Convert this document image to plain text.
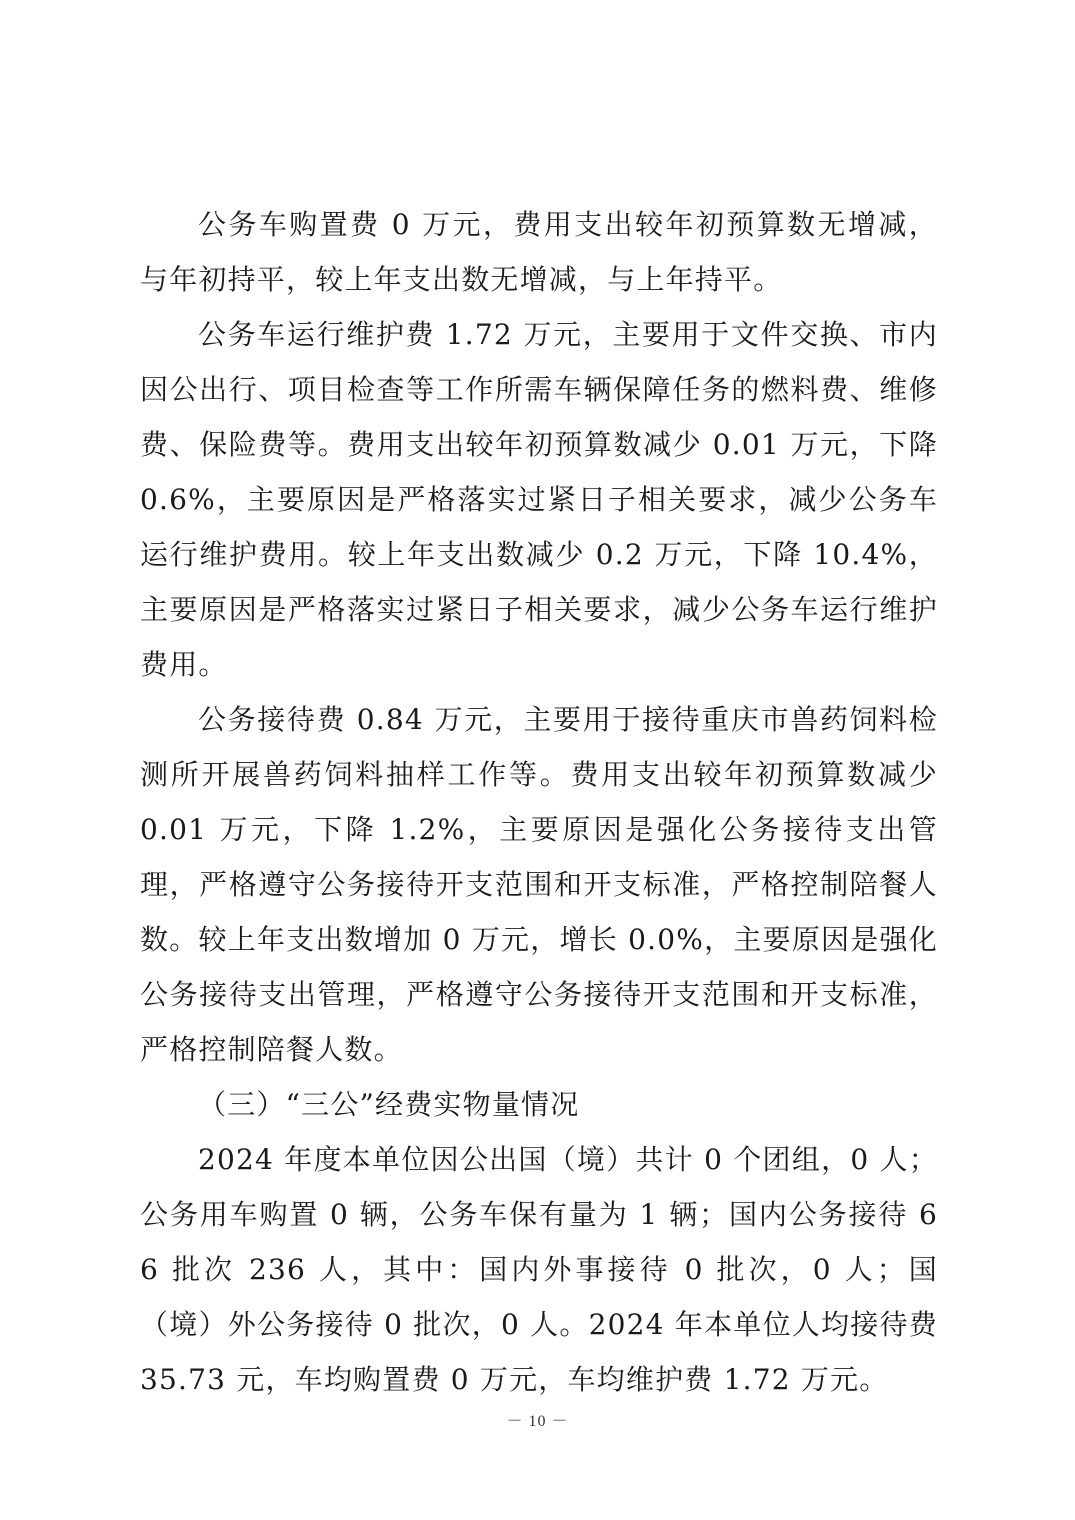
公务车购置费 0 万元，费用支出较年初预算数无增减，与年初持平，较上年支出数无增减，与上年持平。

公务车运行维护费 1.72 万元，主要用于文件交换、市内因公出行、项目检查等工作所需车辆保障任务的燃料费、维修费、保险费等。费用支出较年初预算数减少 0.01 万元，下降 0.6%，主要原因是严格落实过紧日子相关要求，减少公务车运行维护费用。较上年支出数减少 0.2 万元，下降 10.4%，主要原因是严格落实过紧日子相关要求，减少公务车运行维护费用。

公务接待费 0.84 万元，主要用于接待重庆市兽药饲料检测所开展兽药饲料抽样工作等。费用支出较年初预算数减少 0.01 万元，下降 1.2%，主要原因是强化公务接待支出管理，严格遵守公务接待开支范围和开支标准，严格控制陪餐人数。较上年支出数增加 0 万元，增长 0.0%，主要原因是强化公务接待支出管理，严格遵守公务接待开支范围和开支标准，严格控制陪餐人数。

（三）“三公”经费实物量情况

2024 年度本单位因公出国（境）共计 0 个团组，0 人；公务用车购置 0 辆，公务车保有量为 1 辆；国内公务接待 66 批次 236 人，其中：国内外事接待 0 批次，0 人；国（境）外公务接待 0 批次，0 人。2024 年本单位人均接待费 35.73 元，车均购置费 0 万元，车均维护费 1.72 万元。

－ 10 －
